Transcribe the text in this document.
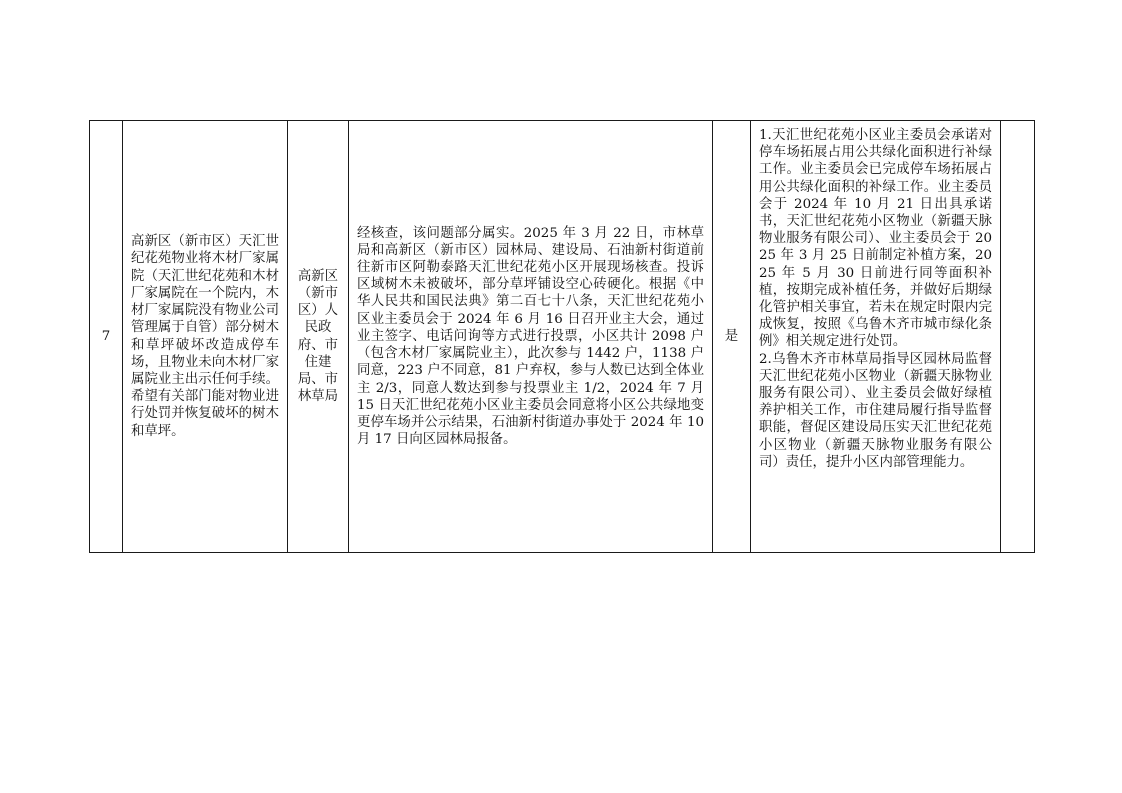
7	高新区（新市区）天汇世纪花苑物业将木材厂家属院（天汇世纪花苑和木材厂家属院在一个院内，木材厂家属院没有物业公司管理属于自管）部分树木和草坪破坏改造成停车场，且物业未向木材厂家属院业主出示任何手续。希望有关部门能对物业进行处罚并恢复破坏的树木和草坪。	高新区（新市区）人民政府、市住建局、市林草局	经核查，该问题部分属实。2025 年 3 月 22 日，市林草局和高新区（新市区）园林局、建设局、石油新村街道前往新市区阿勒泰路天汇世纪花苑小区开展现场核查。投诉区域树木未被破坏，部分草坪铺设空心砖硬化。根据《中华人民共和国民法典》第二百七十八条，天汇世纪花苑小区业主委员会于 2024 年 6 月 16 日召开业主大会，通过业主签字、电话问询等方式进行投票，小区共计 2098 户（包含木材厂家属院业主），此次参与 1442 户，1138 户同意，223 户不同意，81 户弃权，参与人数已达到全体业主 2/3，同意人数达到参与投票业主 1/2，2024 年 7 月 15 日天汇世纪花苑小区业主委员会同意将小区公共绿地变更停车场并公示结果，石油新村街道办事处于 2024 年 10 月 17 日向区园林局报备。	是	
1.天汇世纪花苑小区业主委员会承诺对停车场拓展占用公共绿化面积进行补绿工作。业主委员会已完成停车场拓展占用公共绿化面积的补绿工作。业主委员会于 2024 年 10 月 21 日出具承诺书，天汇世纪花苑小区物业（新疆天脉物业服务有限公司）、业主委员会于 2025 年 3 月 25 日前制定补植方案，2025 年 5 月 30 日前进行同等面积补植，按期完成补植任务，并做好后期绿化管护相关事宜，若未在规定时限内完成恢复，按照《乌鲁木齐市城市绿化条例》相关规定进行处罚。
2.乌鲁木齐市林草局指导区园林局监督天汇世纪花苑小区物业（新疆天脉物业服务有限公司）、业主委员会做好绿植养护相关工作，市住建局履行指导监督职能，督促区建设局压实天汇世纪花苑小区物业（新疆天脉物业服务有限公司）责任，提升小区内部管理能力。
